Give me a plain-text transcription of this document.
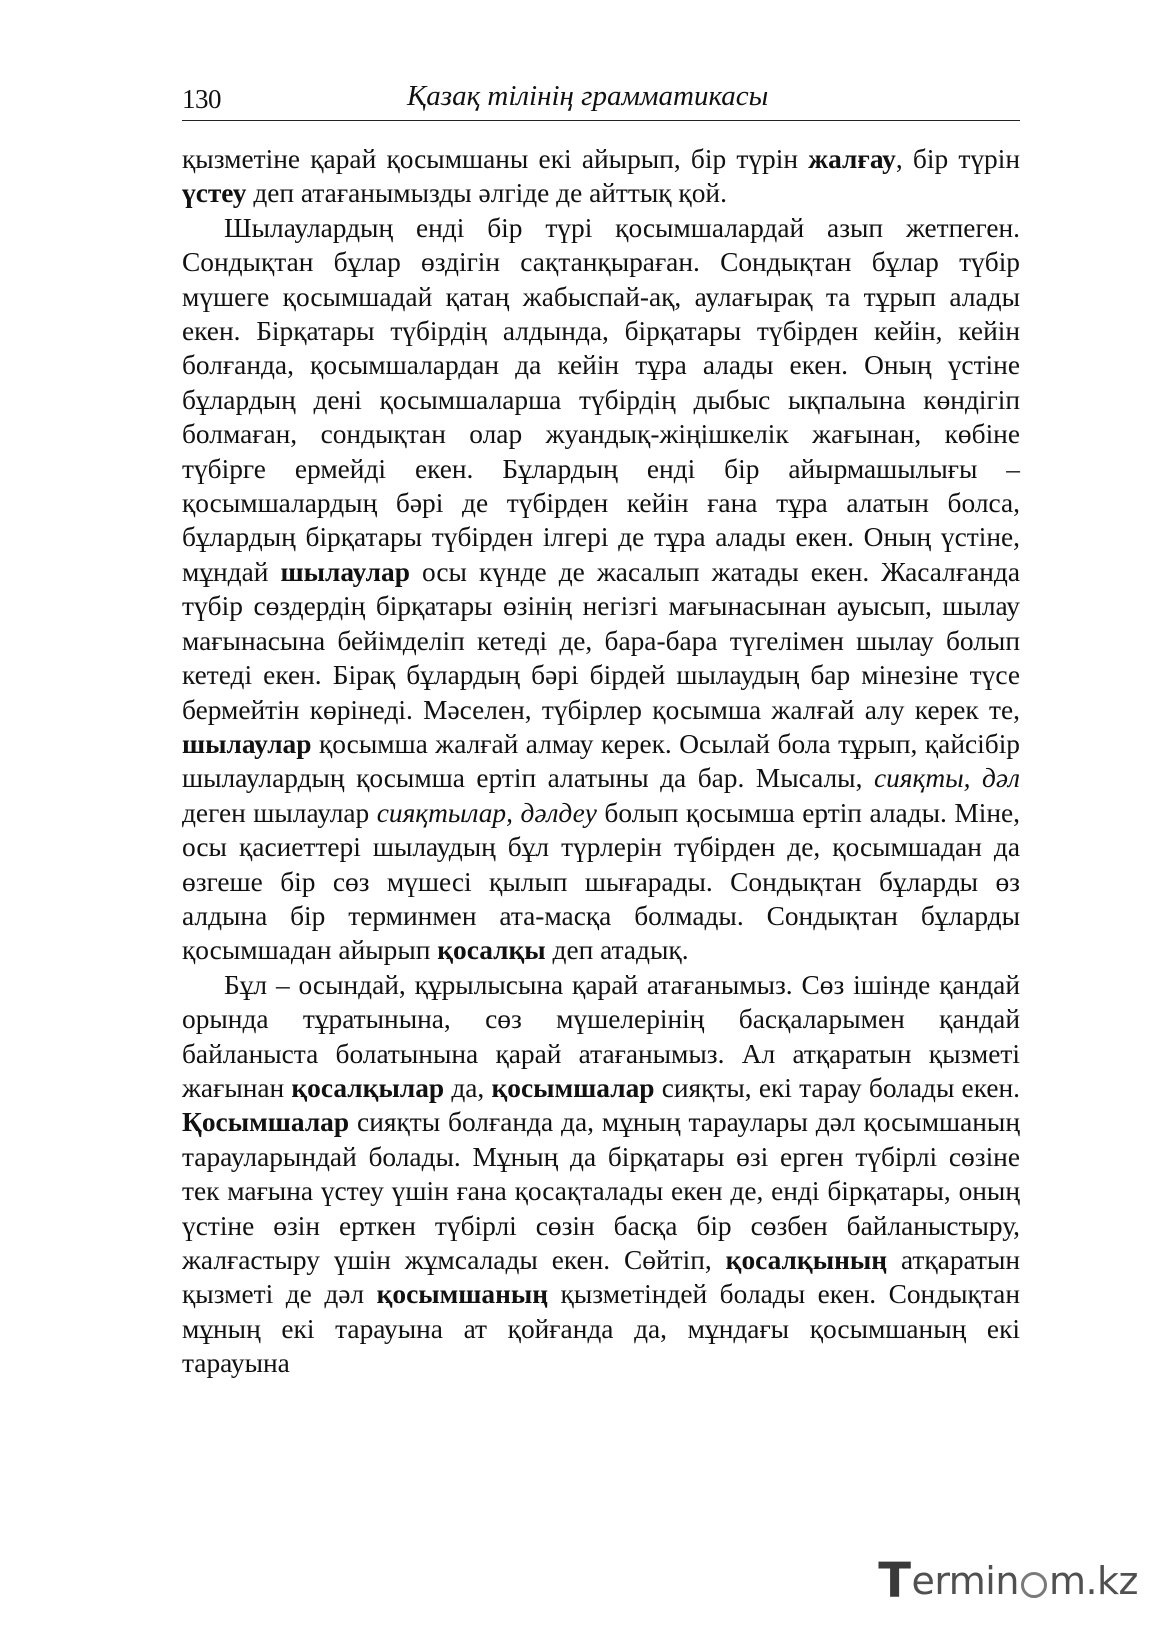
130	Қазақ тілінің грамматикасы

қызметіне қарай қосымшаны екі айырып, бір түрін жалғау, бір түрін үстеу деп атағанымызды әлгіде де айттық қой.

Шылаулардың енді бір түрі қосымшалардай азып жетпеген. Сондықтан бұлар өздігін сақтанқыраған. Сондықтан бұлар түбір мүшеге қосымшадай қатаң жабыспай-ақ, аулағырақ та тұрып алады екен. Бірқатары түбірдің алдында, бірқатары түбірден кейін, кейін болғанда, қосымшалардан да кейін тұра алады екен. Оның үстіне бұлардың дені қосымшаларша түбірдің дыбыс ықпалына көндігіп болмаған, сондықтан олар жуандық-жіңішкелік жағынан, көбіне түбірге ермейді екен. Бұлардың енді бір айырмашылығы – қосымшалардың бәрі де түбірден кейін ғана тұра алатын болса, бұлардың бірқатары түбірден ілгері де тұра алады екен. Оның үстіне, мұндай шылаулар осы күнде де жасалып жатады екен. Жасалғанда түбір сөздердің бірқатары өзінің негізгі мағынасынан ауысып, шылау мағынасына бейімделіп кетеді де, бара-бара түгелімен шылау болып кетеді екен. Бірақ бұлардың бәрі бірдей шылаудың бар мінезіне түсе бермейтін көрінеді. Мәселен, түбірлер қосымша жалғай алу керек те, шылаулар қосымша жалғай алмау керек. Осылай бола тұрып, қайсібір шылаулардың қосымша ертіп алатыны да бар. Мысалы, сияқты, дәл деген шылаулар сияқтылар, дәлдеу болып қосымша ертіп алады. Міне, осы қасиеттері шылаудың бұл түрлерін түбірден де, қосымшадан да өзгеше бір сөз мүшесі қылып шығарады. Сондықтан бұларды өз алдына бір терминмен ата-масқа болмады. Сондықтан бұларды қосымшадан айырып қосалқы деп атадық.

Бұл – осындай, құрылысына қарай атағанымыз. Сөз ішінде қандай орында тұратынына, сөз мүшелерінің басқаларымен қандай байланыста болатынына қарай атағанымыз. Ал атқаратын қызметі жағынан қосалқылар да, қосымшалар сияқты, екі тарау болады екен. Қосымшалар сияқты болғанда да, мұның тараулары дәл қосымшаның тарауларындай болады. Мұның да бірқатары өзі ерген түбірлі сөзіне тек мағына үстеу үшін ғана қосақталады екен де, енді бірқатары, оның үстіне өзін ерткен түбірлі сөзін басқа бір сөзбен байланыстыру, жалғастыру үшін жұмсалады екен. Сөйтіп, қосалқының атқаратын қызметі де дәл қосымшаның қызметіндей болады екен. Сондықтан мұның екі тарауына ат қойғанда да, мұндағы қосымшаның екі тарауына

T ermin m.kz
